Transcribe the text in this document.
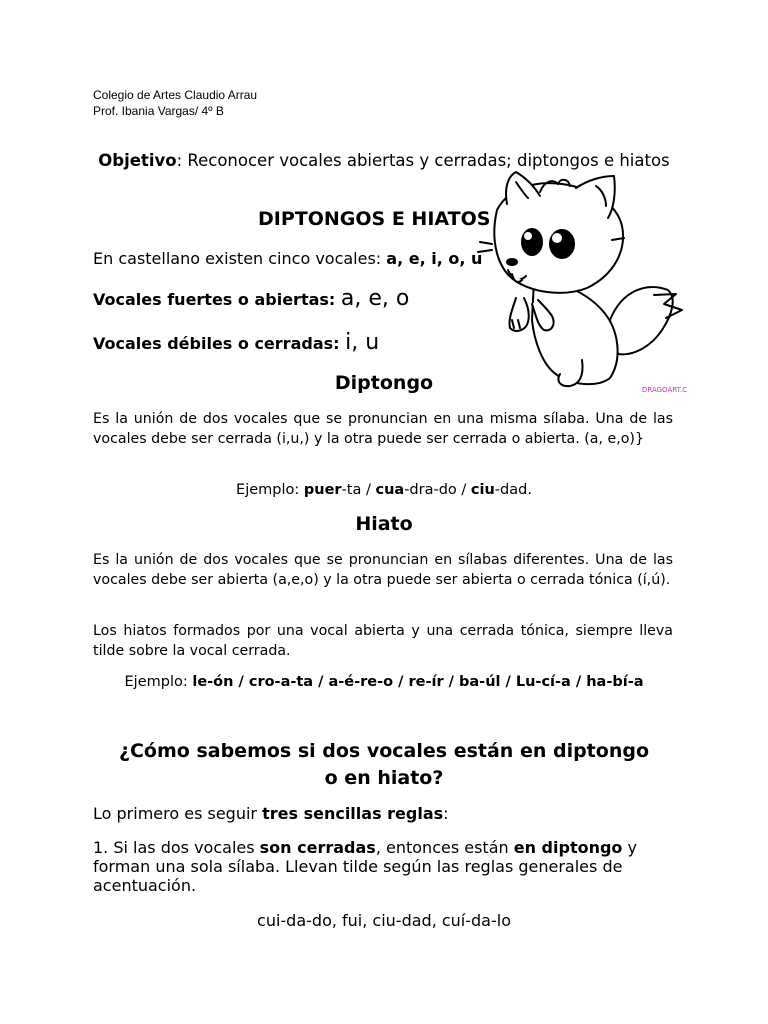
Colegio de Artes Claudio Arrau

Prof. Ibania Vargas/ 4º B

Objetivo: Reconocer vocales abiertas y cerradas; diptongos e hiatos

DIPTONGOS E HIATOS

En castellano existen cinco vocales: a, e, i, o, u

Vocales fuertes o abiertas: a, e, o

Vocales débiles o cerradas: i, u

DRAGOART.C

Diptongo

Es la unión de dos vocales que se pronuncian en una misma sílaba. Una de las vocales debe ser cerrada (i,u,) y la otra puede ser cerrada o abierta. (a, e,o)}

Ejemplo: puer-ta / cua-dra-do / ciu-dad.

Hiato

Es la unión de dos vocales que se pronuncian en sílabas diferentes. Una de las vocales debe ser abierta (a,e,o) y la otra puede ser abierta o cerrada tónica (í,ú).

Los hiatos formados por una vocal abierta y una cerrada tónica, siempre lleva tilde sobre la vocal cerrada.

Ejemplo: le-ón / cro-a-ta / a-é-re-o / re-ír / ba-úl / Lu-cí-a / ha-bí-a

¿Cómo sabemos si dos vocales están en diptongo

o en hiato?

Lo primero es seguir tres sencillas reglas:

1. Si las dos vocales son cerradas, entonces están en diptongo y forman una sola sílaba. Llevan tilde según las reglas generales de acentuación.

cui-da-do, fui, ciu-dad, cuí-da-lo
